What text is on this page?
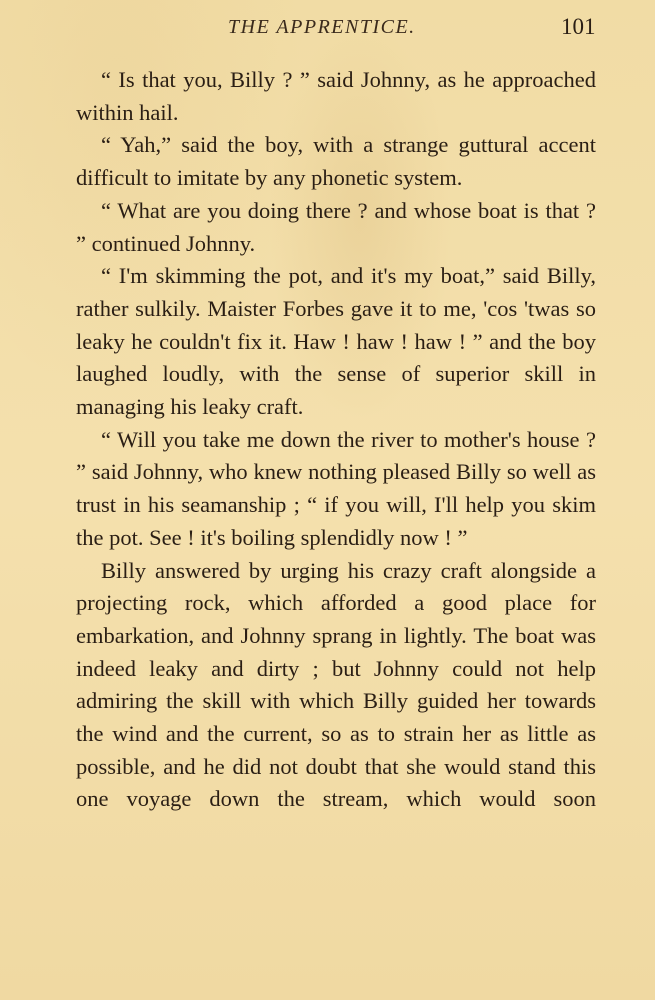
THE APPRENTICE.	101

“ Is that you, Billy ? ” said Johnny, as he approached within hail.

“ Yah,” said the boy, with a strange guttural accent difficult to imitate by any phonetic system.

“ What are you doing there ? and whose boat is that ? ” continued Johnny.

“ I'm skimming the pot, and it's my boat,” said Billy, rather sulkily. Maister Forbes gave it to me, 'cos 'twas so leaky he couldn't fix it. Haw ! haw ! haw ! ” and the boy laughed loudly, with the sense of superior skill in managing his leaky craft.

“ Will you take me down the river to mother's house ? ” said Johnny, who knew nothing pleased Billy so well as trust in his seamanship ; “ if you will, I'll help you skim the pot. See ! it's boiling splendidly now ! ”

Billy answered by urging his crazy craft alongside a projecting rock, which afforded a good place for embarkation, and Johnny sprang in lightly. The boat was indeed leaky and dirty ; but Johnny could not help admiring the skill with which Billy guided her towards the wind and the current, so as to strain her as little as possible, and he did not doubt that she would stand this one voyage down the stream, which would soon
